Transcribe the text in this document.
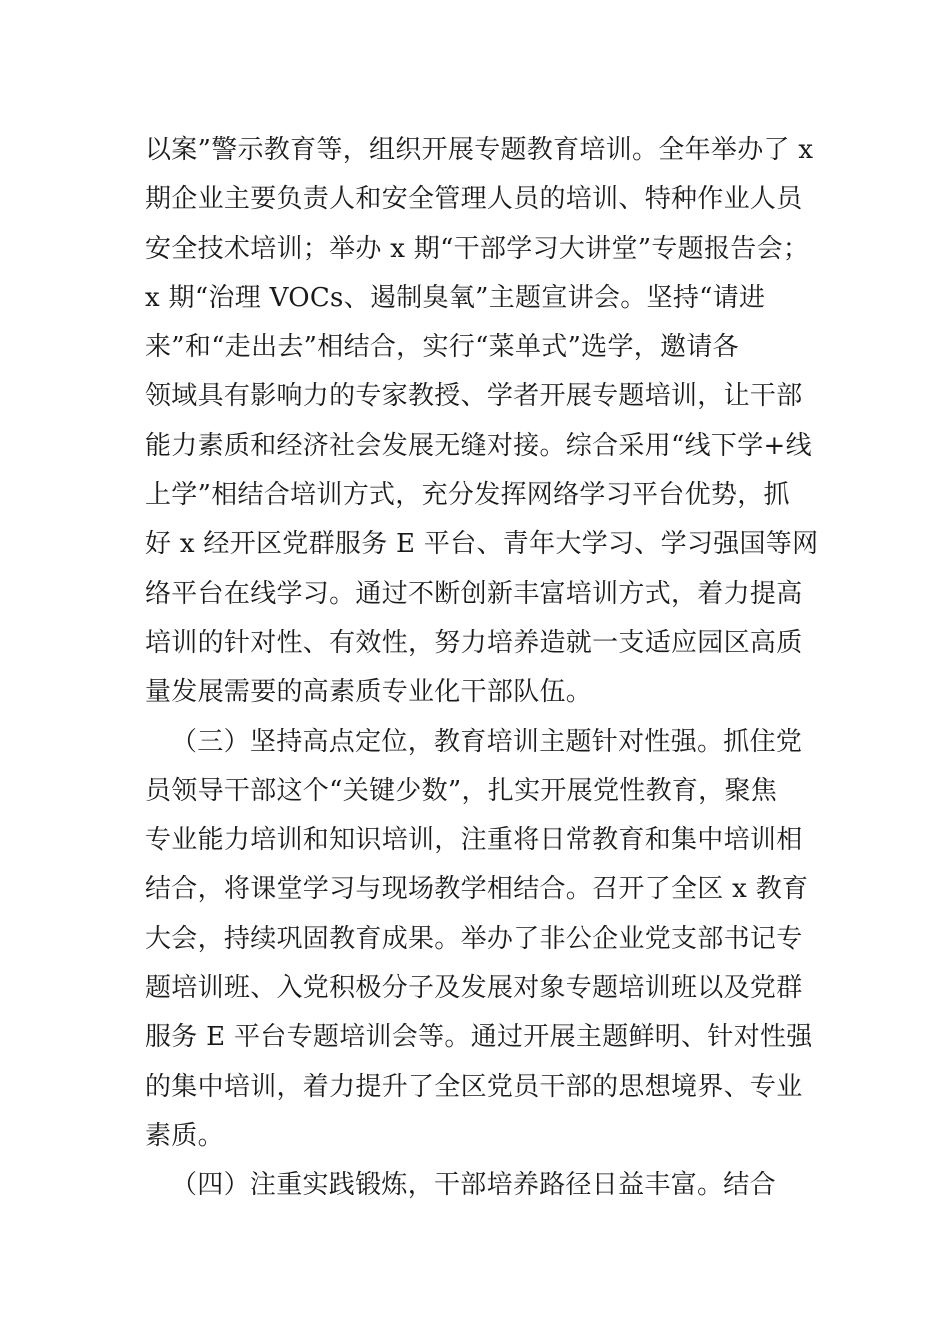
以案”警示教育等，组织开展专题教育培训。全年举办了 x
期企业主要负责人和安全管理人员的培训、特种作业人员
安全技术培训；举办 x 期“干部学习大讲堂”专题报告会；
x 期“治理 VOCs、遏制臭氧”主题宣讲会。坚持“请进
来”和“走出去”相结合，实行“菜单式”选学，邀请各
领域具有影响力的专家教授、学者开展专题培训，让干部
能力素质和经济社会发展无缝对接。综合采用“线下学+线
上学”相结合培训方式，充分发挥网络学习平台优势，抓
好 x 经开区党群服务 E 平台、青年大学习、学习强国等网
络平台在线学习。通过不断创新丰富培训方式，着力提高
培训的针对性、有效性，努力培养造就一支适应园区高质
量发展需要的高素质专业化干部队伍。
（三）坚持高点定位，教育培训主题针对性强。抓住党
员领导干部这个“关键少数”，扎实开展党性教育，聚焦
专业能力培训和知识培训，注重将日常教育和集中培训相
结合，将课堂学习与现场教学相结合。召开了全区 x 教育
大会，持续巩固教育成果。举办了非公企业党支部书记专
题培训班、入党积极分子及发展对象专题培训班以及党群
服务 E 平台专题培训会等。通过开展主题鲜明、针对性强
的集中培训，着力提升了全区党员干部的思想境界、专业
素质。
（四）注重实践锻炼，干部培养路径日益丰富。结合
